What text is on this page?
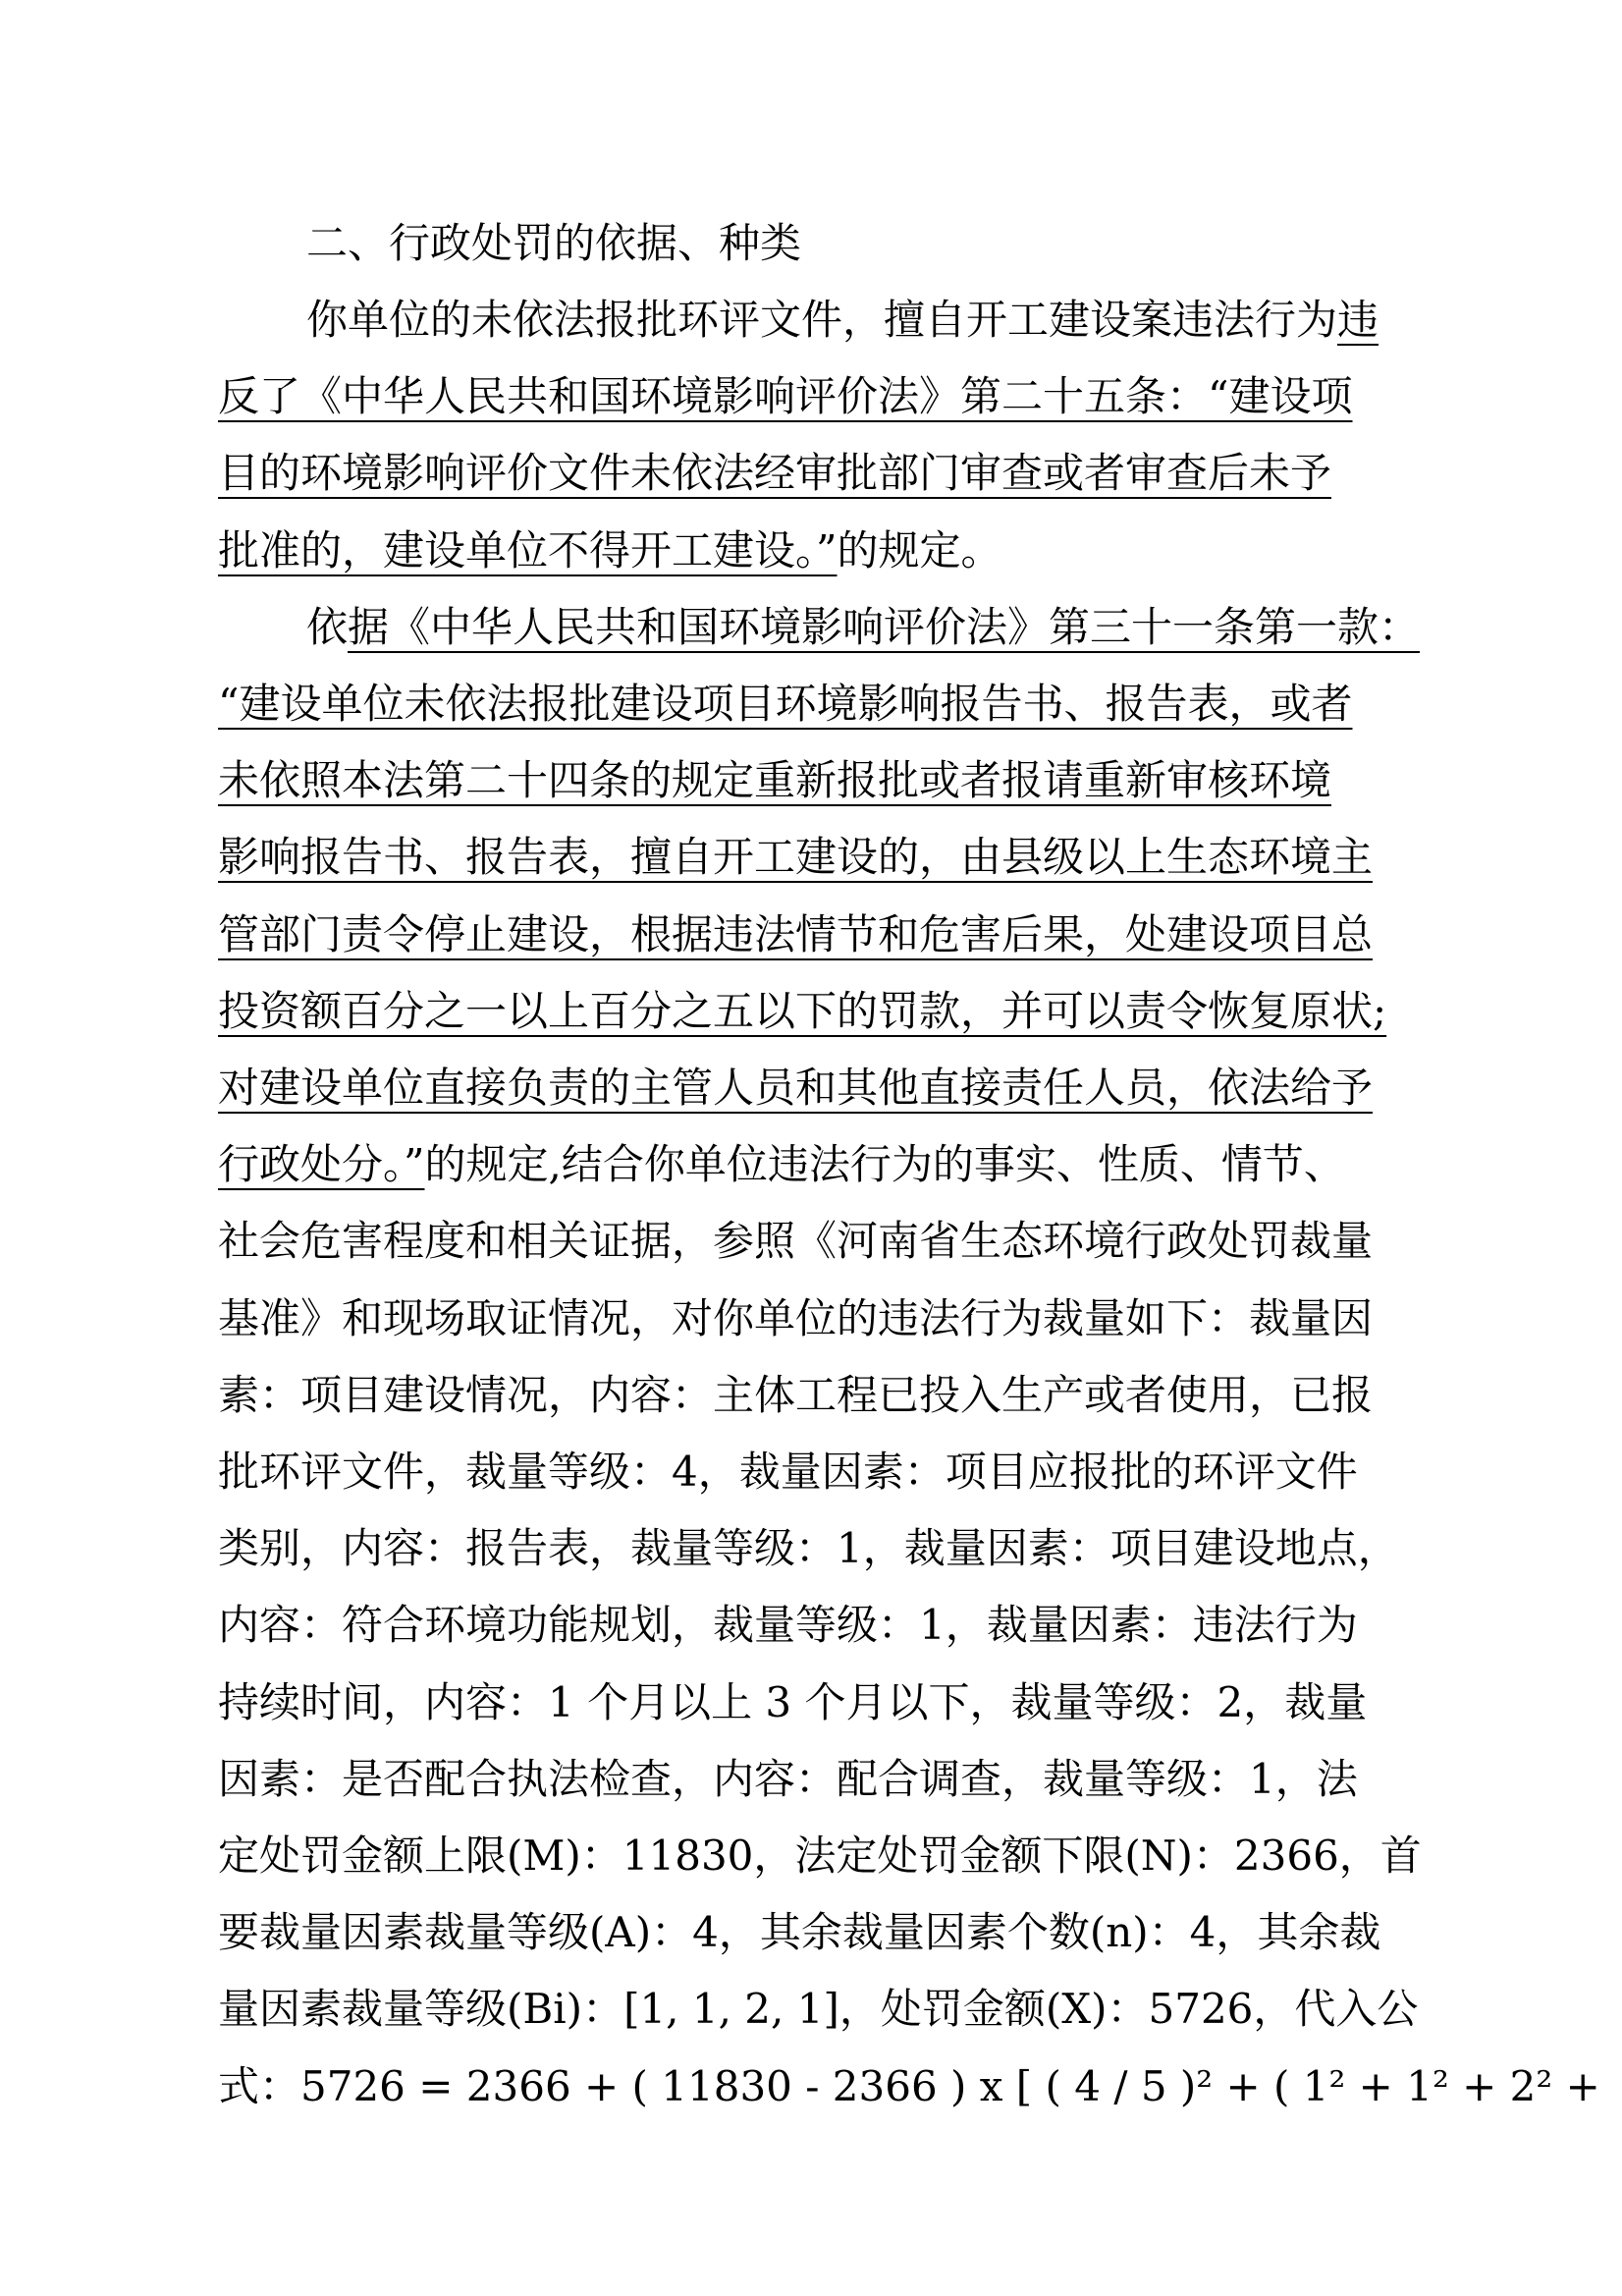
二、行政处罚的依据、种类
你单位的未依法报批环评文件，擅自开工建设案违法行为违
反了《中华人民共和国环境影响评价法》第二十五条：“建设项
目的环境影响评价文件未依法经审批部门审查或者审查后未予
批准的，建设单位不得开工建设。”的规定。
依据《中华人民共和国环境影响评价法》第三十一条第一款：
“建设单位未依法报批建设项目环境影响报告书、报告表，或者
未依照本法第二十四条的规定重新报批或者报请重新审核环境
影响报告书、报告表，擅自开工建设的，由县级以上生态环境主
管部门责令停止建设，根据违法情节和危害后果，处建设项目总
投资额百分之一以上百分之五以下的罚款，并可以责令恢复原状;
对建设单位直接负责的主管人员和其他直接责任人员，依法给予
行政处分。”的规定,结合你单位违法行为的事实、性质、情节、
社会危害程度和相关证据，参照《河南省生态环境行政处罚裁量
基准》和现场取证情况，对你单位的违法行为裁量如下：裁量因
素：项目建设情况，内容：主体工程已投入生产或者使用，已报
批环评文件，裁量等级：4，裁量因素：项目应报批的环评文件
类别，内容：报告表，裁量等级：1，裁量因素：项目建设地点，
内容：符合环境功能规划，裁量等级：1，裁量因素：违法行为
持续时间，内容：1 个月以上 3 个月以下，裁量等级：2，裁量
因素：是否配合执法检查，内容：配合调查，裁量等级：1，法
定处罚金额上限(M)：11830，法定处罚金额下限(N)：2366，首
要裁量因素裁量等级(A)：4，其余裁量因素个数(n)：4，其余裁
量因素裁量等级(Bi)：[1, 1, 2, 1]，处罚金额(X)：5726，代入公
式：5726 = 2366 + ( 11830 - 2366 ) x [ ( 4 / 5 )² + ( 1² + 1² + 2² +
